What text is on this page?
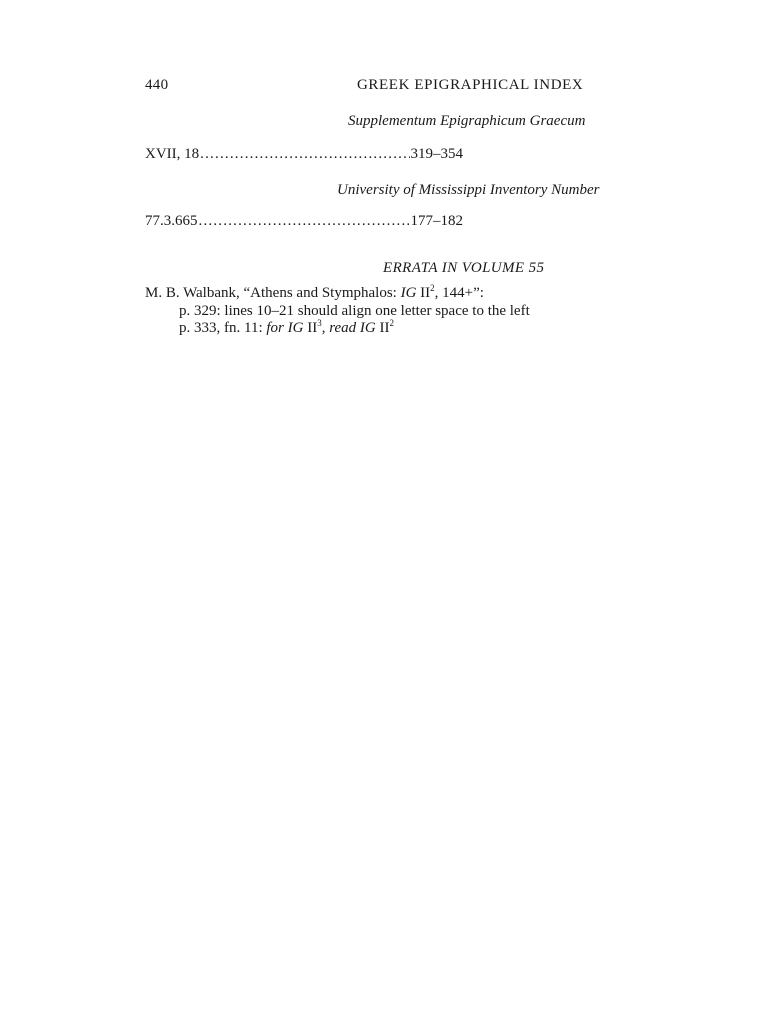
440	GREEK EPIGRAPHICAL INDEX
Supplementum Epigraphicum Graecum
XVII, 18 .....	319–354
University of Mississippi Inventory Number
77.3.665 .....	177–182
ERRATA IN VOLUME 55
M. B. Walbank, “Athens and Stymphalos: IG $II^2$, 144+”:
p. 329: lines 10–21 should align one letter space to the left
p. 333, fn. 11: for IG $II^3$, read IG $II^2$
